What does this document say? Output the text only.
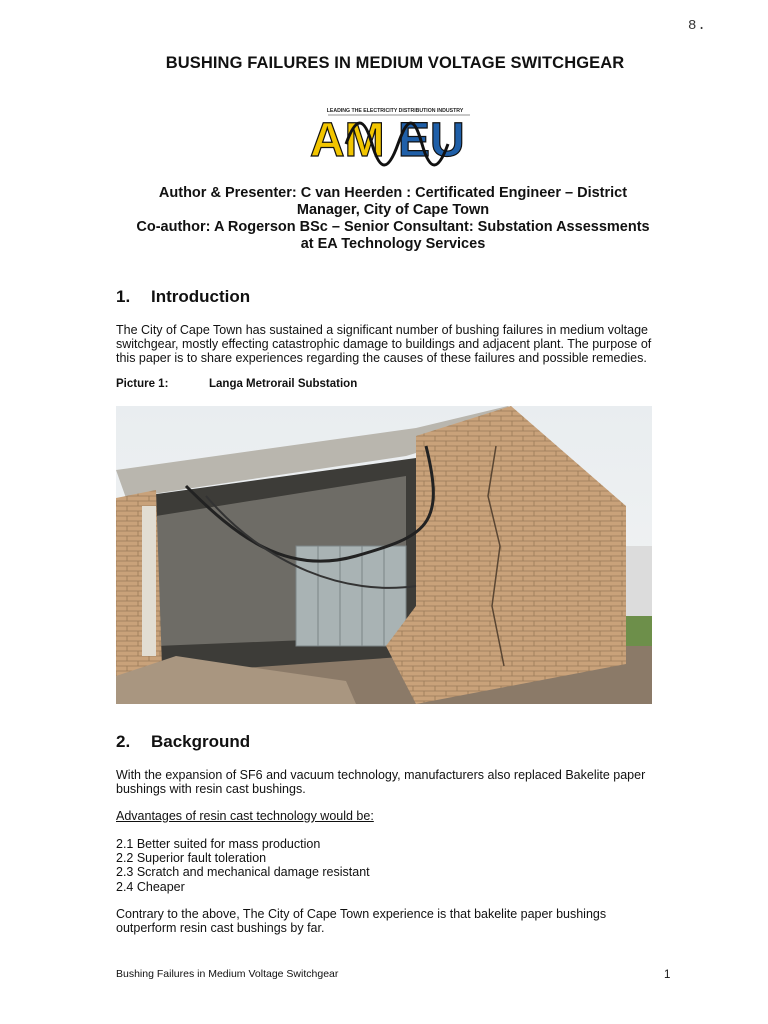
8.
BUSHING FAILURES IN MEDIUM VOLTAGE SWITCHGEAR
LEADING THE ELECTRICITY DISTRIBUTION INDUSTRY
AM EU
Author & Presenter: C van Heerden : Certificated Engineer – District
Manager, City of Cape Town
Co-author: A Rogerson BSc – Senior Consultant: Substation Assessments
at EA Technology Services
1. Introduction
The City of Cape Town has sustained a significant number of bushing failures in medium voltage
switchgear, mostly effecting catastrophic damage to buildings and adjacent plant. The purpose of
this paper is to share experiences regarding the causes of these failures and possible remedies.
Picture 1:	Langa Metrorail Substation
2. Background
With the expansion of SF6 and vacuum technology, manufacturers also replaced Bakelite paper
bushings with resin cast bushings.
Advantages of resin cast technology would be:
2.1 Better suited for mass production
2.2 Superior fault toleration
2.3 Scratch and mechanical damage resistant
2.4 Cheaper
Contrary to the above, The City of Cape Town experience is that bakelite paper bushings
outperform resin cast bushings by far.
Bushing Failures in Medium Voltage Switchgear	1
